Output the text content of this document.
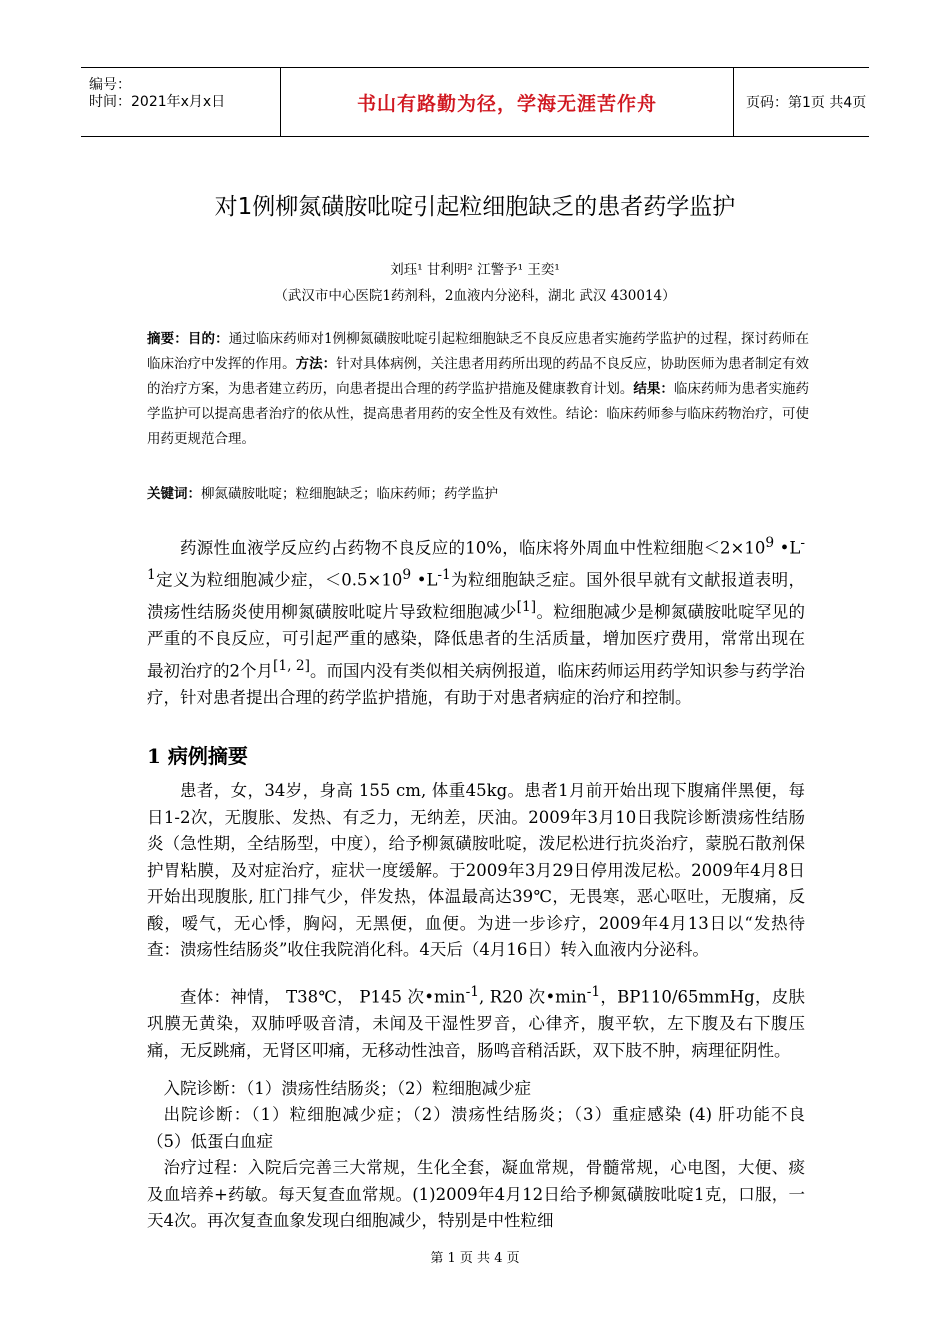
编号：
时间：2021年x月x日	书山有路勤为径，学海无涯苦作舟	页码：第1页 共4页
对1例柳氮磺胺吡啶引起粒细胞缺乏的患者药学监护
刘珏¹ 甘利明² 江警予¹ 王奕¹
（武汉市中心医院1药剂科，2血液内分泌科，湖北 武汉 430014）
摘要：目的：通过临床药师对1例柳氮磺胺吡啶引起粒细胞缺乏不良反应患者实施药学监护的过程，探讨药师在临床治疗中发挥的作用。方法：针对具体病例，关注患者用药所出现的药品不良反应，协助医师为患者制定有效的治疗方案，为患者建立药历，向患者提出合理的药学监护措施及健康教育计划。结果：临床药师为患者实施药学监护可以提高患者治疗的依从性，提高患者用药的安全性及有效性。结论：临床药师参与临床药物治疗，可使用药更规范合理。
关键词：柳氮磺胺吡啶；粒细胞缺乏；临床药师；药学监护
药源性血液学反应约占药物不良反应的10%，临床将外周血中性粒细胞$<2\times 10^9$ $•L^{-1}$定义为粒细胞减少症，$<0.5\times 10^9$ $•L^{-1}$为粒细胞缺乏症。国外很早就有文献报道表明，溃疡性结肠炎使用柳氮磺胺吡啶片导致粒细胞减少[1]。粒细胞减少是柳氮磺胺吡啶罕见的严重的不良反应，可引起严重的感染，降低患者的生活质量，增加医疗费用，常常出现在最初治疗的2个月[1, 2]。而国内没有类似相关病例报道，临床药师运用药学知识参与药学治疗，针对患者提出合理的药学监护措施，有助于对患者病症的治疗和控制。
1 病例摘要
患者，女，34岁，身高 155 cm, 体重45kg。患者1月前开始出现下腹痛伴黑便，每日1-2次，无腹胀、发热、有乏力，无纳差，厌油。2009年3月10日我院诊断溃疡性结肠炎（急性期，全结肠型，中度），给予柳氮磺胺吡啶，泼尼松进行抗炎治疗，蒙脱石散剂保护胃粘膜，及对症治疗，症状一度缓解。于2009年3月29日停用泼尼松。2009年4月8日开始出现腹胀, 肛门排气少，伴发热，体温最高达39℃，无畏寒，恶心呕吐，无腹痛，反酸，嗳气，无心悸，胸闷，无黑便，血便。为进一步诊疗，2009年4月13日以“发热待查：溃疡性结肠炎”收住我院消化科。4天后（4月16日）转入血液内分泌科。
查体：神情， T38℃， P145 次$•\min^{-1}$, R20 次$•\min^{-1}$，BP110/65mmHg，皮肤巩膜无黄染，双肺呼吸音清，未闻及干湿性罗音，心律齐，腹平软，左下腹及右下腹压痛，无反跳痛，无肾区叩痛，无移动性浊音，肠鸣音稍活跃，双下肢不肿，病理征阴性。
入院诊断：（1）溃疡性结肠炎；（2）粒细胞减少症
出院诊断：（1）粒细胞减少症；（2）溃疡性结肠炎；（3）重症感染 (4) 肝功能不良 （5）低蛋白血症
治疗过程：入院后完善三大常规，生化全套，凝血常规，骨髓常规，心电图，大便、痰及血培养+药敏。每天复查血常规。(1)2009年4月12日给予柳氮磺胺吡啶1克，口服，一天4次。再次复查血象发现白细胞减少，特别是中性粒细
第 1 页 共 4 页
